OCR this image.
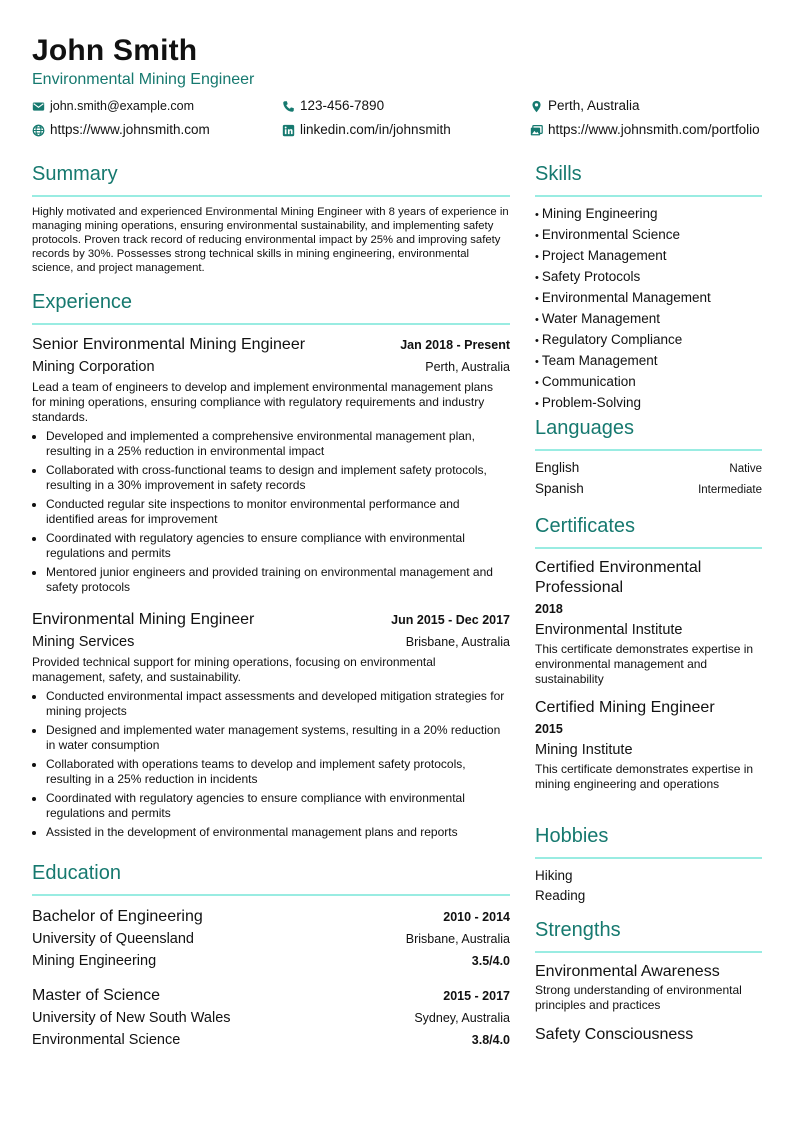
John Smith
Environmental Mining Engineer
john.smith@example.com	123-456-7890	Perth, Australia
https://www.johnsmith.com	linkedin.com/in/johnsmith	https://www.johnsmith.com/portfolio
Summary
Highly motivated and experienced Environmental Mining Engineer with 8 years of experience in managing mining operations, ensuring environmental sustainability, and implementing safety protocols. Proven track record of reducing environmental impact by 25% and improving safety records by 30%. Possesses strong technical skills in mining engineering, environmental science, and project management.
Experience
Senior Environmental Mining Engineer	Jan 2018 - Present
Mining Corporation	Perth, Australia
Lead a team of engineers to develop and implement environmental management plans for mining operations, ensuring compliance with regulatory requirements and industry standards.
• Developed and implemented a comprehensive environmental management plan, resulting in a 25% reduction in environmental impact
• Collaborated with cross-functional teams to design and implement safety protocols, resulting in a 30% improvement in safety records
• Conducted regular site inspections to monitor environmental performance and identified areas for improvement
• Coordinated with regulatory agencies to ensure compliance with environmental regulations and permits
• Mentored junior engineers and provided training on environmental management and safety protocols
Environmental Mining Engineer	Jun 2015 - Dec 2017
Mining Services	Brisbane, Australia
Provided technical support for mining operations, focusing on environmental management, safety, and sustainability.
• Conducted environmental impact assessments and developed mitigation strategies for mining projects
• Designed and implemented water management systems, resulting in a 20% reduction in water consumption
• Collaborated with operations teams to develop and implement safety protocols, resulting in a 25% reduction in incidents
• Coordinated with regulatory agencies to ensure compliance with environmental regulations and permits
• Assisted in the development of environmental management plans and reports
Education
Bachelor of Engineering	2010 - 2014
University of Queensland	Brisbane, Australia
Mining Engineering	3.5/4.0
Master of Science	2015 - 2017
University of New South Wales	Sydney, Australia
Environmental Science	3.8/4.0
Skills
• Mining Engineering
• Environmental Science
• Project Management
• Safety Protocols
• Environmental Management
• Water Management
• Regulatory Compliance
• Team Management
• Communication
• Problem-Solving
Languages
English	Native
Spanish	Intermediate
Certificates
Certified Environmental Professional
2018
Environmental Institute
This certificate demonstrates expertise in environmental management and sustainability
Certified Mining Engineer
2015
Mining Institute
This certificate demonstrates expertise in mining engineering and operations
Hobbies
Hiking
Reading
Strengths
Environmental Awareness
Strong understanding of environmental principles and practices
Safety Consciousness
